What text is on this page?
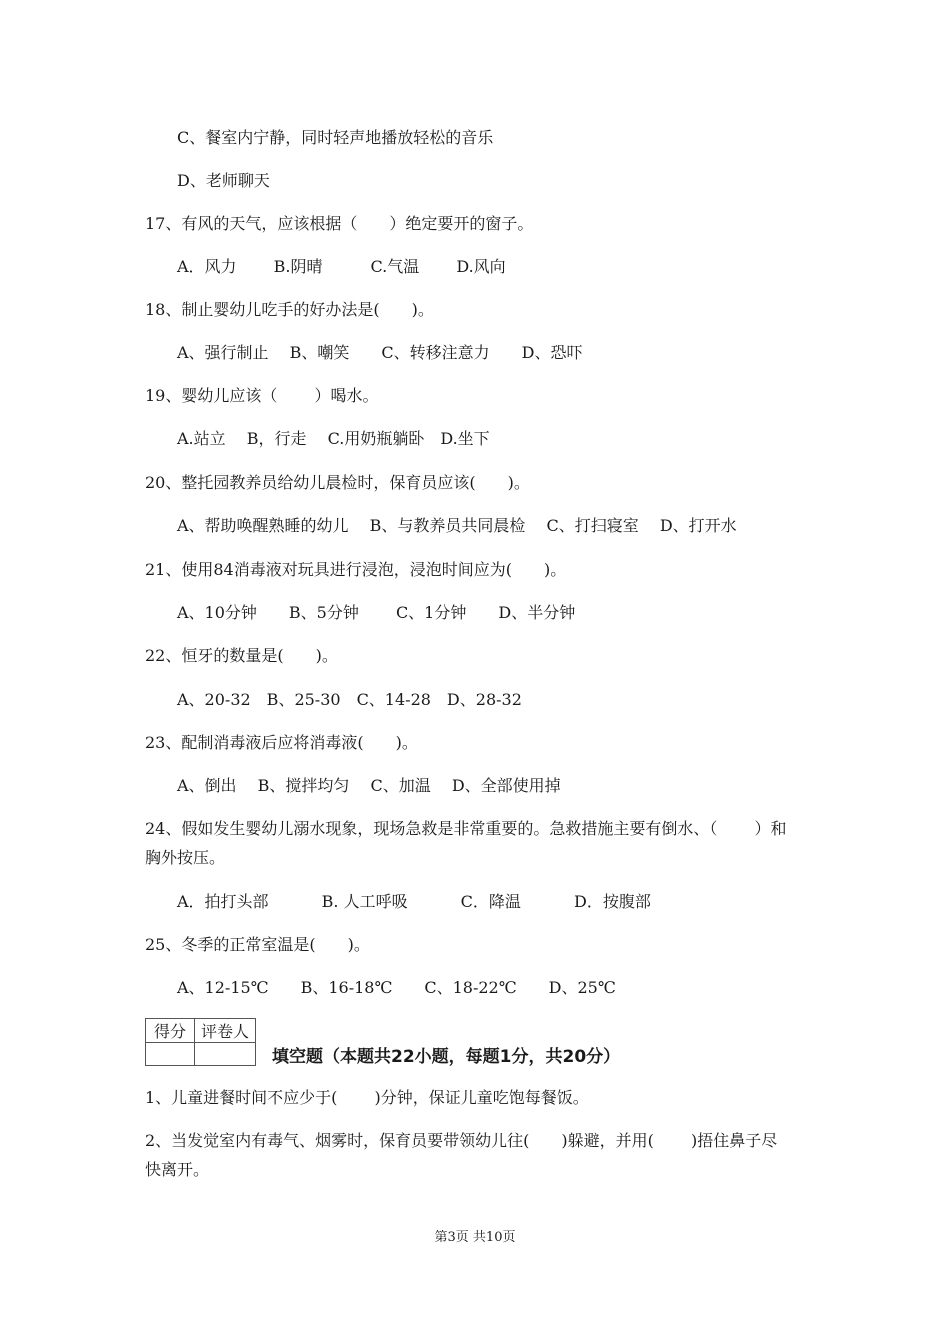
C、餐室内宁静，同时轻声地播放轻松的音乐
D、老师聊天
17、有风的天气，应该根据（　　）绝定要开的窗子。
A．风力　　 B.阴晴　　　C.气温　　 D.风向
18、制止婴幼儿吃手的好办法是(　　)。
A、强行制止　 B、嘲笑　　C、转移注意力　　D、恐吓
19、婴幼儿应该（　　 ）喝水。
A.站立　 B，行走　 C.用奶瓶躺卧　D.坐下
20、整托园教养员给幼儿晨检时，保育员应该(　　)。
A、帮助唤醒熟睡的幼儿　 B、与教养员共同晨检　 C、打扫寝室　 D、打开水
21、使用84消毒液对玩具进行浸泡，浸泡时间应为(　　)。
A、10分钟　　B、5分钟　　 C、1分钟　　D、半分钟
22、恒牙的数量是(　　)。
A、20-32　B、25-30　C、14-28　D、28-32
23、配制消毒液后应将消毒液(　　)。
A、倒出　 B、搅拌均匀　 C、加温　 D、全部使用掉
24、假如发生婴幼儿溺水现象，现场急救是非常重要的。急救措施主要有倒水、（　　 ）和
胸外按压。
A．拍打头部　　　 B. 人工呼吸　　　 C．降温　　　 D．按腹部
25、冬季的正常室温是(　　)。
A、12-15℃　　B、16-18℃　　C、18-22℃　　D、25℃
得分	评卷人

填空题（本题共22小题，每题1分，共20分）
1、儿童进餐时间不应少于(　　 )分钟，保证儿童吃饱每餐饭。
2、当发觉室内有毒气、烟雾时，保育员要带领幼儿往(　　)躲避，并用(　　 )捂住鼻子尽
快离开。
第3页 共10页
